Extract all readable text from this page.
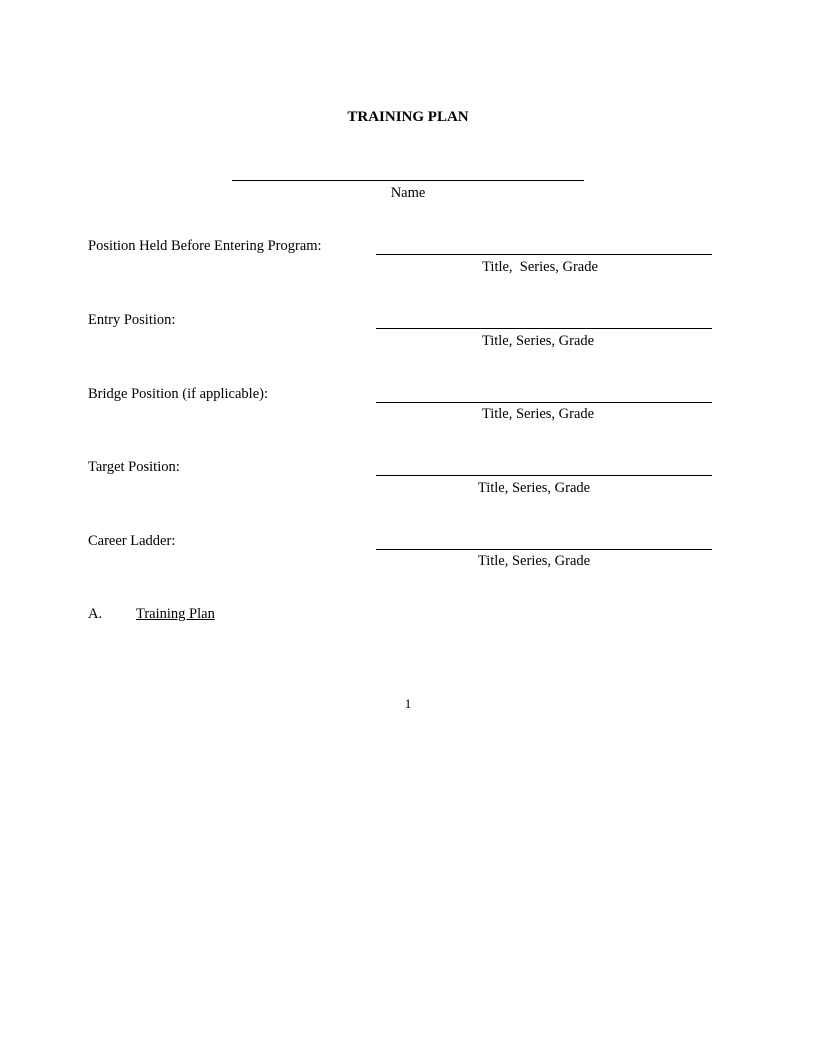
TRAINING PLAN
Name
Position Held Before Entering Program:
Title,  Series, Grade
Entry Position:
Title, Series, Grade
Bridge Position (if applicable):
Title, Series, Grade
Target Position:
Title, Series, Grade
Career Ladder:
Title, Series, Grade
A. Training Plan
1
